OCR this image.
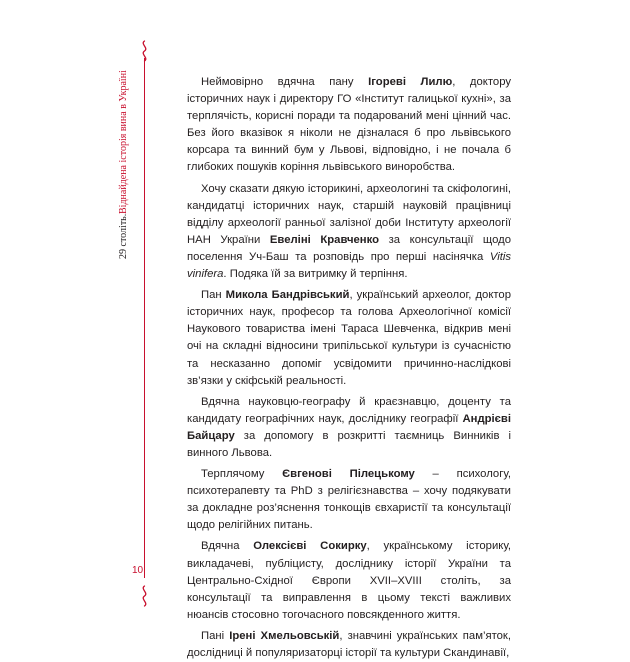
29 століть.
Віднайдена історія вина в Україні
10

Неймовірно вдячна пану Ігореві Лилю, доктору історичних наук і директору ГО «Інститут галицької кухні», за терплячість, корисні поради та подарований мені цінний час. Без його вказівок я ніколи не дізналася б про львівського корсара та винний бум у Львові, відповідно, і не почала б глибоких пошуків коріння львівського виноробства.

Хочу сказати дякую історикині, археологині та скіфологині, кандидатці історичних наук, старшій науковій працівниці відділу археології ранньої залізної доби Інституту археології НАН України Евеліні Кравченко за консультації щодо поселення Уч-Баш та розповідь про перші насінячка Vitis vinifera. Подяка їй за витримку й терпіння.

Пан Микола Бандрівський, український археолог, доктор історичних наук, професор та голова Археологічної комісії Наукового товариства імені Тараса Шевченка, відкрив мені очі на складні відносини трипільської культури із сучасністю та несказанно допоміг усвідомити причинно-наслідкові зв’язки у скіфській реальності.

Вдячна науковцю-географу й краєзнавцю, доценту та кандидату географічних наук, досліднику географії Андрієві Байцару за допомогу в розкритті таємниць Винників і винного Львова.

Терплячому Євгенові Пілецькому – психологу, психотерапевту та PhD з релігієзнавства – хочу подякувати за докладне роз’яснення тонкощів євхаристії та консультації щодо релігійних питань.

Вдячна Олексієві Сокирку, українському історику, викладачеві, публіцисту, досліднику історії України та Центрально-Східної Європи XVII–XVIII століть, за консультації та виправлення в цьому тексті важливих нюансів стосовно тогочасного повсякденного життя.

Пані Ірені Хмельовській, знавчині українських пам’яток, дослідниці й популяризаторці історії та культури Скандинавії,
